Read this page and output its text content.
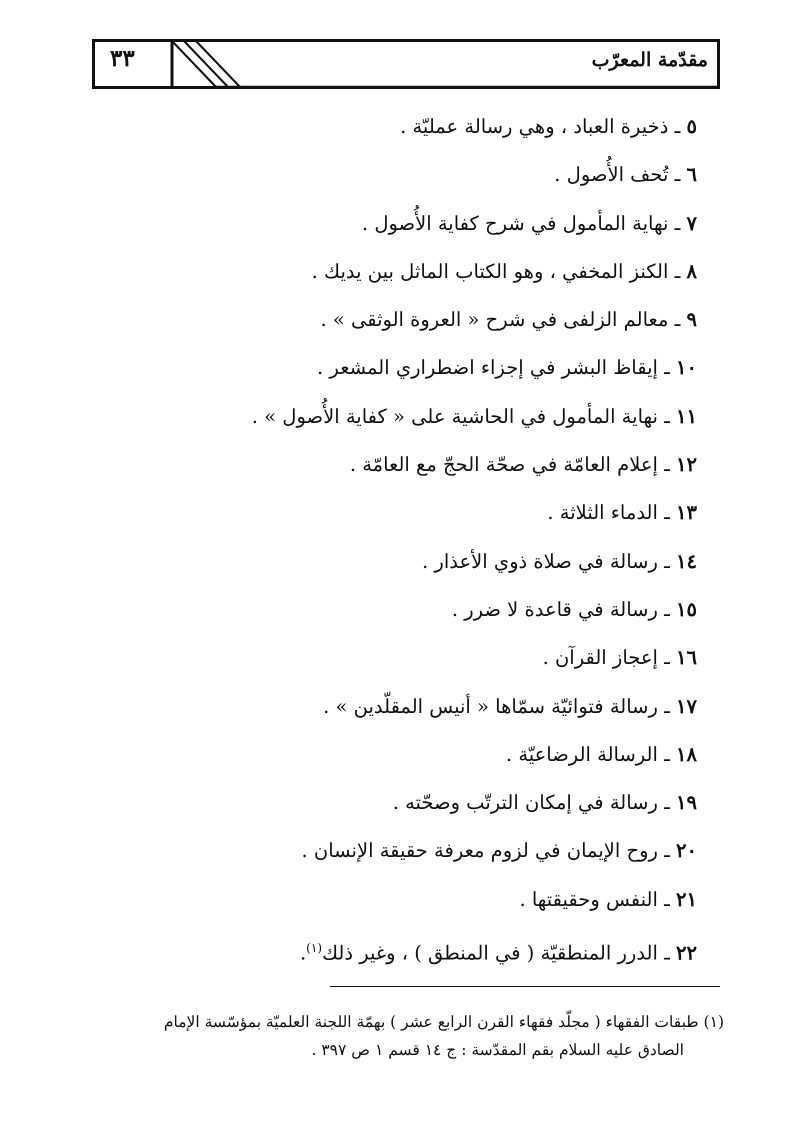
مقدّمة المعرّب
٣٣
٥ ـ ذخيرة العباد ، وهي رسالة عمليّة .
٦ ـ تُحف الأُصول .
٧ ـ نهاية المأمول في شرح كفاية الأُصول .
٨ ـ الكنز المخفي ، وهو الكتاب الماثل بين يديك .
٩ ـ معالم الزلفى في شرح « العروة الوثقى » .
١٠ ـ إيقاظ البشر في إجزاء اضطراري المشعر .
١١ ـ نهاية المأمول في الحاشية على « كفاية الأُصول » .
١٢ ـ إعلام العامّة في صحّة الحجّ مع العامّة .
١٣ ـ الدماء الثلاثة .
١٤ ـ رسالة في صلاة ذوي الأعذار .
١٥ ـ رسالة في قاعدة لا ضرر .
١٦ ـ إعجاز القرآن .
١٧ ـ رسالة فتوائيّة سمّاها « أنيس المقلّدين » .
١٨ ـ الرسالة الرضاعيّة .
١٩ ـ رسالة في إمكان الترتّب وصحّته .
٢٠ ـ روح الإيمان في لزوم معرفة حقيقة الإنسان .
٢١ ـ النفس وحقيقتها .
٢٢ ـ الدرر المنطقيّة ( في المنطق ) ، وغير ذلك$^{(١)}$.
(١) طبقات الفقهاء ( مجلّد فقهاء القرن الرابع عشر ) بهمّة اللجنة العلميّة بمؤسّسة الإمام
الصادق عليه السلام بقم المقدّسة : ج ١٤ قسم ١ ص ٣٩٧ .
